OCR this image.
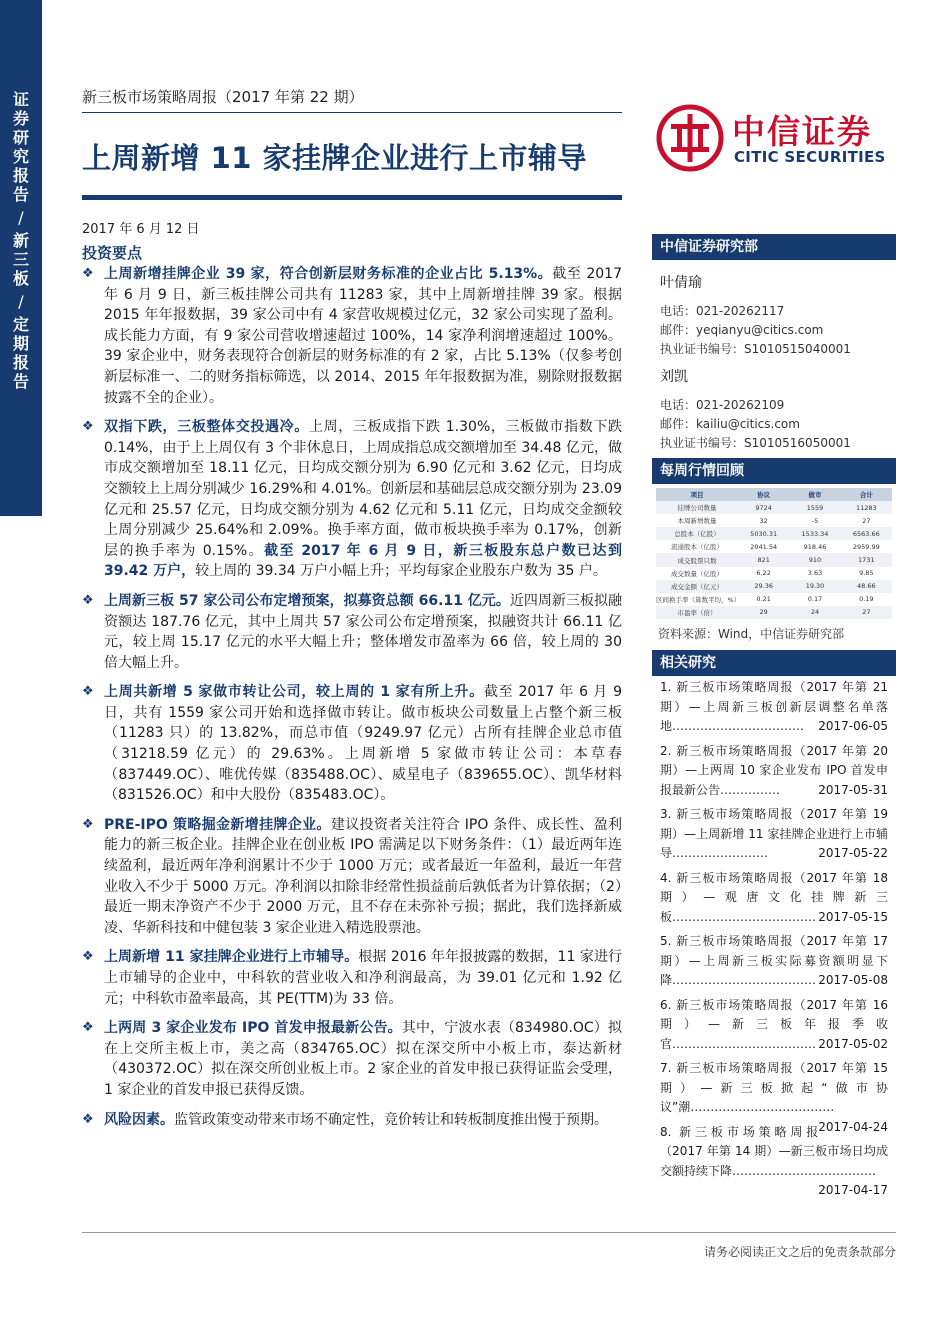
证券研究报告
/
新三板
/
定期报告
新三板市场策略周报（2017 年第 22 期）
上周新增 11 家挂牌企业进行上市辅导
中信证券
CITIC SECURITIES
2017 年 6 月 12 日
投资要点
❖ 上周新增挂牌企业 39 家，符合创新层财务标准的企业占比 5.13%。截至 2017 年 6 月 9 日，新三板挂牌公司共有 11283 家，其中上周新增挂牌 39 家。根据 2015 年年报数据，39 家公司中有 4 家营收规模过亿元，32 家公司实现了盈利。成长能力方面，有 9 家公司营收增速超过 100%，14 家净利润增速超过 100%。39 家企业中，财务表现符合创新层的财务标准的有 2 家，占比 5.13%（仅参考创新层标准一、二的财务指标筛选，以 2014、2015 年年报数据为准，剔除财报数据披露不全的企业）。
❖ 双指下跌，三板整体交投遇冷。上周，三板成指下跌 1.30%，三板做市指数下跌 0.14%，由于上上周仅有 3 个非休息日，上周成指总成交额增加至 34.48 亿元，做市成交额增加至 18.11 亿元，日均成交额分别为 6.90 亿元和 3.62 亿元，日均成交额较上上周分别减少 16.29%和 4.01%。创新层和基础层总成交额分别为 23.09 亿元和 25.57 亿元，日均成交额分别为 4.62 亿元和 5.11 亿元，日均成交金额较上周分别减少 25.64%和 2.09%。换手率方面，做市板块换手率为 0.17%，创新层的换手率为 0.15%。截至 2017 年 6 月 9 日，新三板股东总户数已达到 39.42 万户，较上周的 39.34 万户小幅上升；平均每家企业股东户数为 35 户。
❖ 上周新三板 57 家公司公布定增预案，拟募资总额 66.11 亿元。近四周新三板拟融资额达 187.76 亿元，其中上周共 57 家公司公布定增预案，拟融资共计 66.11 亿元，较上周 15.17 亿元的水平大幅上升；整体增发市盈率为 66 倍，较上周的 30 倍大幅上升。
❖ 上周共新增 5 家做市转让公司，较上周的 1 家有所上升。截至 2017 年 6 月 9 日，共有 1559 家公司开始和选择做市转让。做市板块公司数量上占整个新三板（11283 只）的 13.82%，而总市值（9249.97 亿元）占所有挂牌企业总市值（31218.59 亿元）的 29.63%。上周新增 5 家做市转让公司：本草春（837449.OC）、唯优传媒（835488.OC）、威星电子（839655.OC）、凯华材料（831526.OC）和中大股份（835483.OC）。
❖ PRE-IPO 策略掘金新增挂牌企业。建议投资者关注符合 IPO 条件、成长性、盈利能力的新三板企业。挂牌企业在创业板 IPO 需满足以下财务条件：（1）最近两年连续盈利，最近两年净利润累计不少于 1000 万元；或者最近一年盈利，最近一年营业收入不少于 5000 万元。净利润以扣除非经常性损益前后孰低者为计算依据；（2）最近一期末净资产不少于 2000 万元，且不存在未弥补亏损；据此，我们选择新威凌、华新科技和中健包装 3 家企业进入精选股票池。
❖ 上周新增 11 家挂牌企业进行上市辅导。根据 2016 年年报披露的数据，11 家进行上市辅导的企业中，中科软的营业收入和净利润最高，为 39.01 亿元和 1.92 亿元；中科软市盈率最高，其 PE(TTM)为 33 倍。
❖ 上两周 3 家企业发布 IPO 首发申报最新公告。其中，宁波水表（834980.OC）拟在上交所主板上市，美之高（834765.OC）拟在深交所中小板上市，泰达新材（430372.OC）拟在深交所创业板上市。2 家企业的首发申报已获得证监会受理，1 家企业的首发申报已获得反馈。
❖ 风险因素。监管政策变动带来市场不确定性，竞价转让和转板制度推出慢于预期。
中信证券研究部
叶倩瑜
电话：021-20262117
邮件：yeqianyu@citics.com
执业证书编号：S1010515040001
刘凯
电话：021-20262109
邮件：kailiu@citics.com
执业证书编号：S1010516050001
每周行情回顾
项目	协议	做市	合计
挂牌公司数量	9724	1559	11283
本周新增数量	32	-5	27
总股本（亿股）	5030.31	1533.34	6563.66
流通股本（亿股）	2041.54	918.46	2959.99
成交股票只数	821	910	1731
成交数量（亿股）	6.22	3.63	9.85
成交金额（亿元）	29.36	19.30	48.66
区间换手率（算数平均，%）	0.21	0.17	0.19
市盈率（倍）	29	24	27
资料来源：Wind，中信证券研究部
相关研究
1. 新三板市场策略周报（2017 年第 21 期）—上周新三板创新层调整名单落地…………………………… 2017-06-05
2. 新三板市场策略周报（2017 年第 20 期）—上两周 10 家企业发布 IPO 首发申报最新公告……………	2017-05-31
3. 新三板市场策略周报（2017 年第 19 期）—上周新增 11 家挂牌企业进行上市辅导……………………	2017-05-22
4. 新三板市场策略周报（2017 年第 18 期）—观唐文化挂牌新三板……………………………… 2017-05-15
5. 新三板市场策略周报（2017 年第 17 期）—上周新三板实际募资额明显下降……………………………… 2017-05-08
6. 新三板市场策略周报（2017 年第 16 期）—新三板年报季收官……………………………… 2017-05-02
7. 新三板市场策略周报（2017 年第 15 期）—新三板掀起“做市协议”潮………………………………
2017-04-24
8. 新三板市场策略周报（2017 年第 14 期）—新三板市场日均成交额持续下降………………………………
2017-04-17
请务必阅读正文之后的免责条款部分
